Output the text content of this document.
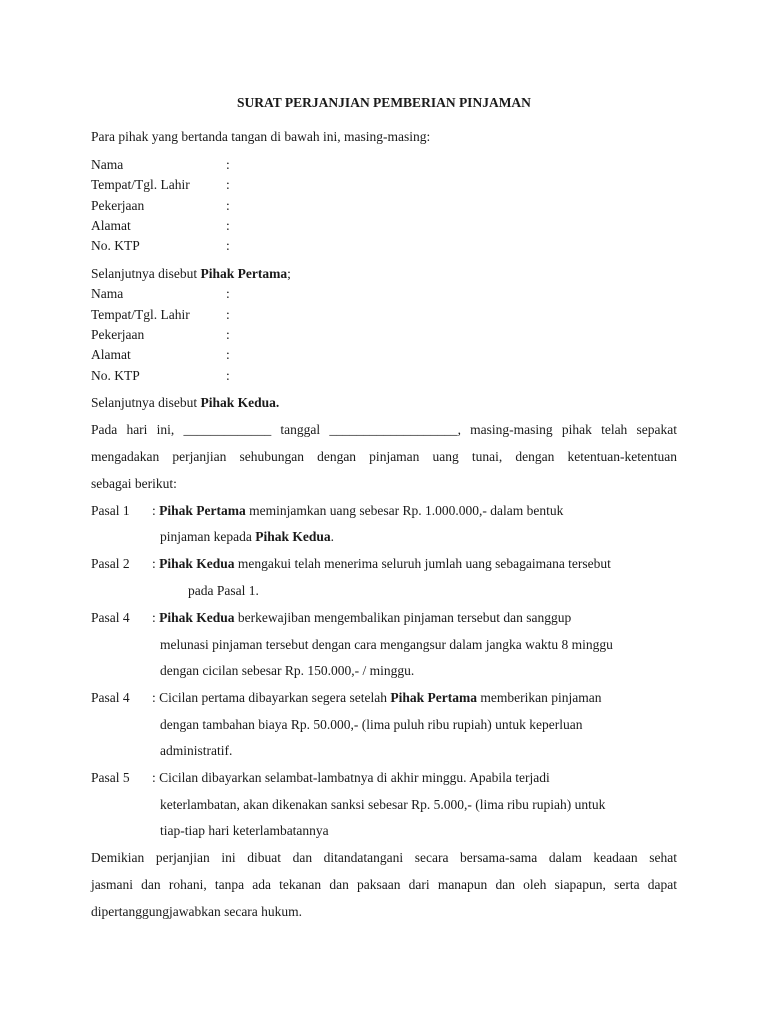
SURAT PERJANJIAN PEMBERIAN PINJAMAN
Para pihak yang bertanda tangan di bawah ini, masing-masing:
Nama	:
Tempat/Tgl. Lahir	:
Pekerjaan	:
Alamat	:
No. KTP	:
Selanjutnya disebut Pihak Pertama;
Nama	:
Tempat/Tgl. Lahir	:
Pekerjaan	:
Alamat	:
No. KTP	:
Selanjutnya disebut Pihak Kedua.
Pada hari ini, _____________ tanggal ___________________, masing-masing pihak telah sepakat
mengadakan perjanjian sehubungan dengan pinjaman uang tunai, dengan ketentuan-ketentuan
sebagai berikut:
Pasal 1 : Pihak Pertama meminjamkan uang sebesar Rp. 1.000.000,- dalam bentuk
pinjaman kepada Pihak Kedua.
Pasal 2 : Pihak Kedua mengakui telah menerima seluruh jumlah uang sebagaimana tersebut
pada Pasal 1.
Pasal 4 : Pihak Kedua berkewajiban mengembalikan pinjaman tersebut dan sanggup
melunasi pinjaman tersebut dengan cara mengangsur dalam jangka waktu 8 minggu
dengan cicilan sebesar Rp. 150.000,- / minggu.
Pasal 4 : Cicilan pertama dibayarkan segera setelah Pihak Pertama memberikan pinjaman
dengan tambahan biaya Rp. 50.000,- (lima puluh ribu rupiah) untuk keperluan
administratif.
Pasal 5 : Cicilan dibayarkan selambat-lambatnya di akhir minggu. Apabila terjadi
keterlambatan, akan dikenakan sanksi sebesar Rp. 5.000,- (lima ribu rupiah) untuk
tiap-tiap hari keterlambatannya
Demikian perjanjian ini dibuat dan ditandatangani secara bersama-sama dalam keadaan sehat
jasmani dan rohani, tanpa ada tekanan dan paksaan dari manapun dan oleh siapapun, serta dapat
dipertanggungjawabkan secara hukum.
